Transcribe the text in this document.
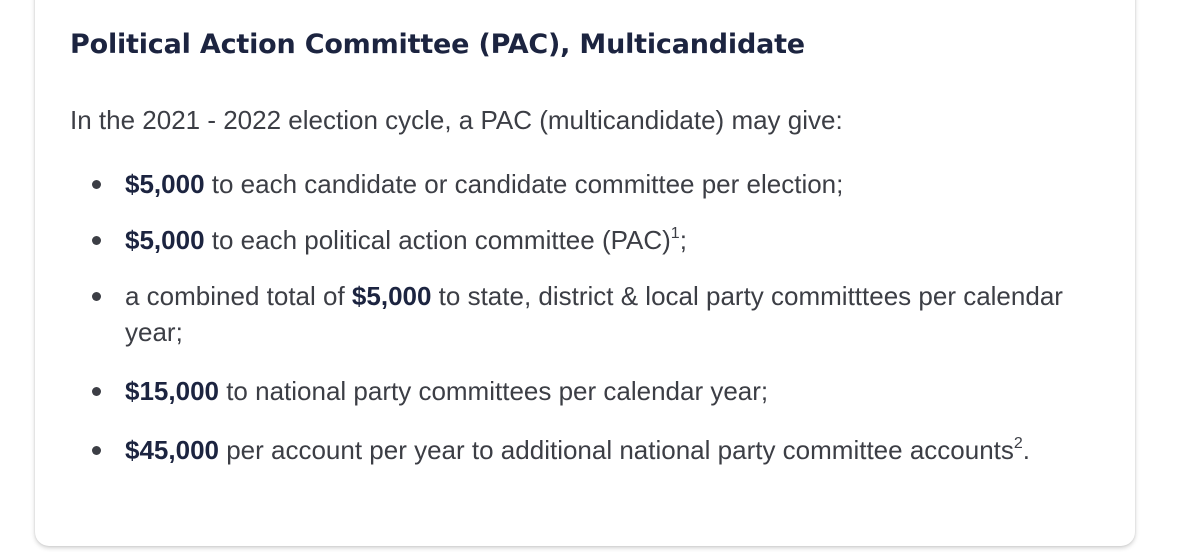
Political Action Committee (PAC), Multicandidate

In the 2021 - 2022 election cycle, a PAC (multicandidate) may give:

$5,000 to each candidate or candidate committee per election;
$5,000 to each political action committee (PAC)$^1$;
a combined total of $5,000 to state, district & local party committtees per calendar year;
$15,000 to national party committees per calendar year;
$45,000 per account per year to additional national party committee accounts$^2$.
